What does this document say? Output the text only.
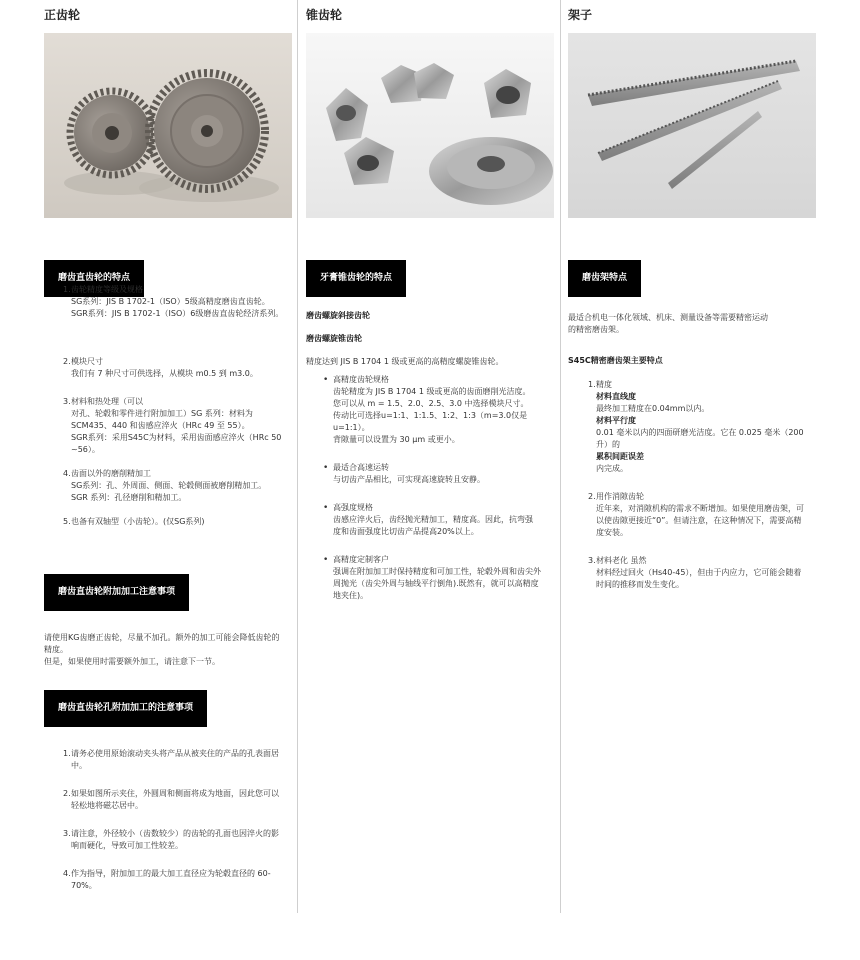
正齿轮
磨齿直齿轮的特点
1. 齿轮精度等级及规格

SG系列：JIS B 1702-1（ISO）5级高精度磨齿直齿轮。

SGR系列：JIS B 1702-1（ISO）6级磨齿直齿轮经济系列。

2. 模块尺寸

我们有 7 种尺寸可供选择，从模块 m0.5 到 m3.0。

3. 材料和热处理（可以

对孔、轮毂和零件进行附加加工）SG 系列：材料为

SCM435、440 和齿感应淬火（HRc 49 至 55）。

SGR系列：采用S45C为材料，采用齿面感应淬火（HRc 50

~56）。

4. 齿面以外的磨削精加工

SG系列：孔、外周面、侧面、轮毂侧面被磨削精加工。

SGR 系列：孔径磨削和精加工。

5. 也备有双轴型（小齿轮）。(仅SG系列)

磨齿直齿轮附加加工注意事项

请使用KG齿磨正齿轮，尽量不加孔。额外的加工可能会降低齿轮的

精度。

但是，如果使用时需要额外加工，请注意下一节。

磨齿直齿轮孔附加加工的注意事项
1. 请务必使用原始滚动夹头将产品从被夹住的产品的孔表面居

中。

2. 如果如图所示夹住，外圆周和侧面将成为地面，因此您可以

轻松地将磁芯居中。

3. 请注意，外径较小（齿数较少）的齿轮的孔面也因淬火的影

响而硬化，导致可加工性较差。

4. 作为指导，附加加工的最大加工直径应为轮毂直径的 60-

70%。

锥齿轮
牙膏锥齿轮的特点
磨齿螺旋斜接齿轮
磨齿螺旋锥齿轮
精度达到 JIS B 1704 1 级或更高的高精度螺旋锥齿轮。
• 高精度齿轮规格

齿轮精度为 JIS B 1704 1 级或更高的齿面磨削光洁度。

您可以从 m = 1.5、2.0、2.5、3.0 中选择模块尺寸。

传动比可选择u=1:1、1:1.5、1:2、1:3（m=3.0仅是

u=1:1）。

背隙量可以设置为 30 μm 或更小。

• 最适合高速运转

与切齿产品相比，可实现高速旋转且安静。

• 高强度规格

齿感应淬火后，齿经抛光精加工，精度高。因此，抗弯强

度和齿面强度比切齿产品提高20%以上。

• 高精度定制客户

强调在附加加工时保持精度和可加工性，轮毂外周和齿尖外

周抛光（齿尖外周与轴线平行倒角).既然有，就可以高精度

地夹住)。

架子
磨齿架特点

最适合机电一体化领域、机床、测量设备等需要精密运动

的精密磨齿架。

S45C精密磨齿架主要特点
1. 精度

材料直线度

最终加工精度在0.04mm以内。

材料平行度

0.01 毫米以内的四面研磨光洁度。它在 0.025 毫米（200

升）的

累积间距误差

内完成。

2. 用作消隙齿轮

近年来，对消隙机构的需求不断增加。如果使用磨齿架，可

以使齿隙更接近“0”。但请注意，在这种情况下，需要高精

度安装。

3. 材料老化 虽然

材料经过回火（Hs40-45），但由于内应力，它可能会随着

时间的推移而发生变化。
